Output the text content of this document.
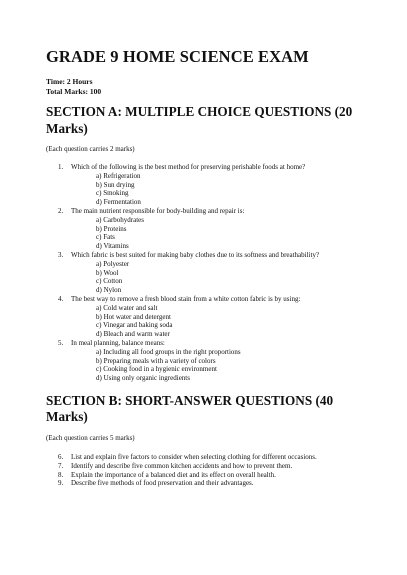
GRADE 9 HOME SCIENCE EXAM
Time: 2 Hours
Total Marks: 100
SECTION A: MULTIPLE CHOICE QUESTIONS (20 Marks)
(Each question carries 2 marks)
1. Which of the following is the best method for preserving perishable foods at home?
a) Refrigeration
b) Sun drying
c) Smoking
d) Fermentation
2. The main nutrient responsible for body-building and repair is:
a) Carbohydrates
b) Proteins
c) Fats
d) Vitamins
3. Which fabric is best suited for making baby clothes due to its softness and breathability?
a) Polyester
b) Wool
c) Cotton
d) Nylon
4. The best way to remove a fresh blood stain from a white cotton fabric is by using:
a) Cold water and salt
b) Hot water and detergent
c) Vinegar and baking soda
d) Bleach and warm water
5. In meal planning, balance means:
a) Including all food groups in the right proportions
b) Preparing meals with a variety of colors
c) Cooking food in a hygienic environment
d) Using only organic ingredients
SECTION B: SHORT-ANSWER QUESTIONS (40 Marks)
(Each question carries 5 marks)
6. List and explain five factors to consider when selecting clothing for different occasions.
7. Identify and describe five common kitchen accidents and how to prevent them.
8. Explain the importance of a balanced diet and its effect on overall health.
9. Describe five methods of food preservation and their advantages.
